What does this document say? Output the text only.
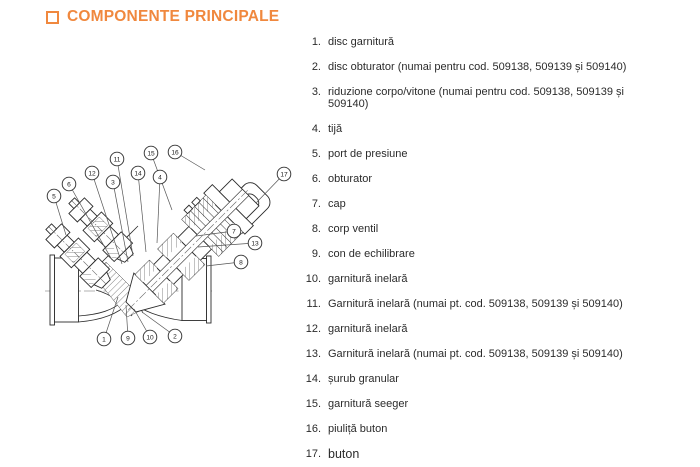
COMPONENTE PRINCIPALE
1	9 10	2
5
6
12
3
11
14
4
15	16
17
7
13
8
1. disc garnitură
2. disc obturator (numai pentru cod. 509138, 509139 și 509140)
3. riduzione corpo/vitone (numai pentru cod. 509138, 509139 și 509140)
4. tijă
5. port de presiune
6. obturator
7. cap
8. corp ventil
9. con de echilibrare
10. garnitură inelară
11. Garnitură inelară (numai pt. cod. 509138, 509139 și 509140)
12. garnitură inelară
13. Garnitură inelară (numai pt. cod. 509138, 509139 și 509140)
14. șurub granular
15. garnitură seeger
16. piuliță buton
17. buton
